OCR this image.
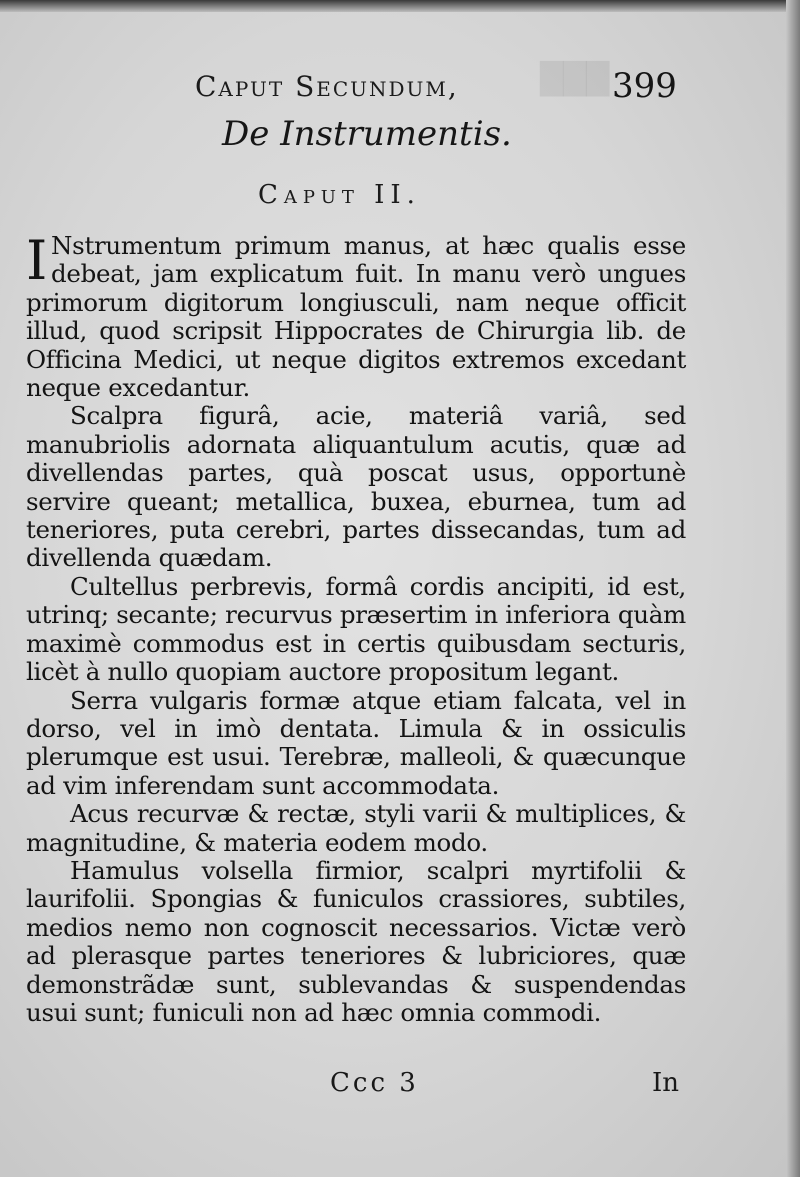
███
Caput Secundum,	399
De Instrumentis.
Caput II.

I Nstrumentum primum manus, at hæc qualis esse debeat, jam explicatum fuit. In manu verò ungues primorum digitorum longiusculi, nam neque officit illud, quod scripsit Hippocrates de Chirurgia lib. de Officina Medici, ut neque digitos extremos excedant neque excedantur.

Scalpra figurâ, acie, materiâ variâ, sed manubriolis adornata aliquantulum acutis, quæ ad divellendas partes, quà poscat usus, opportunè servire queant; metallica, buxea, eburnea, tum ad teneriores, puta cerebri, partes dissecandas, tum ad divellenda quædam.

Cultellus perbrevis, formâ cordis ancipiti, id est, utrinq; secante; recurvus præsertim in inferiora quàm maximè commodus est in certis quibusdam secturis, licèt à nullo quopiam auctore propositum legant.

Serra vulgaris formæ atque etiam falcata, vel in dorso, vel in imò dentata. Limula & in ossiculis plerumque est usui. Terebræ, malleoli, & quæcunque ad vim inferendam sunt accommodata.

Acus recurvæ & rectæ, styli varii & multiplices, & magnitudine, & materia eodem modo.

Hamulus volsella firmior, scalpri myrtifolii & laurifolii. Spongias & funiculos crassiores, subtiles, medios nemo non cognoscit necessarios. Victæ verò ad plerasque partes teneriores & lubriciores, quæ demonstrãdæ sunt, sublevandas & suspendendas usui sunt; funiculi non ad hæc omnia commodi.

Ccc 3	In
